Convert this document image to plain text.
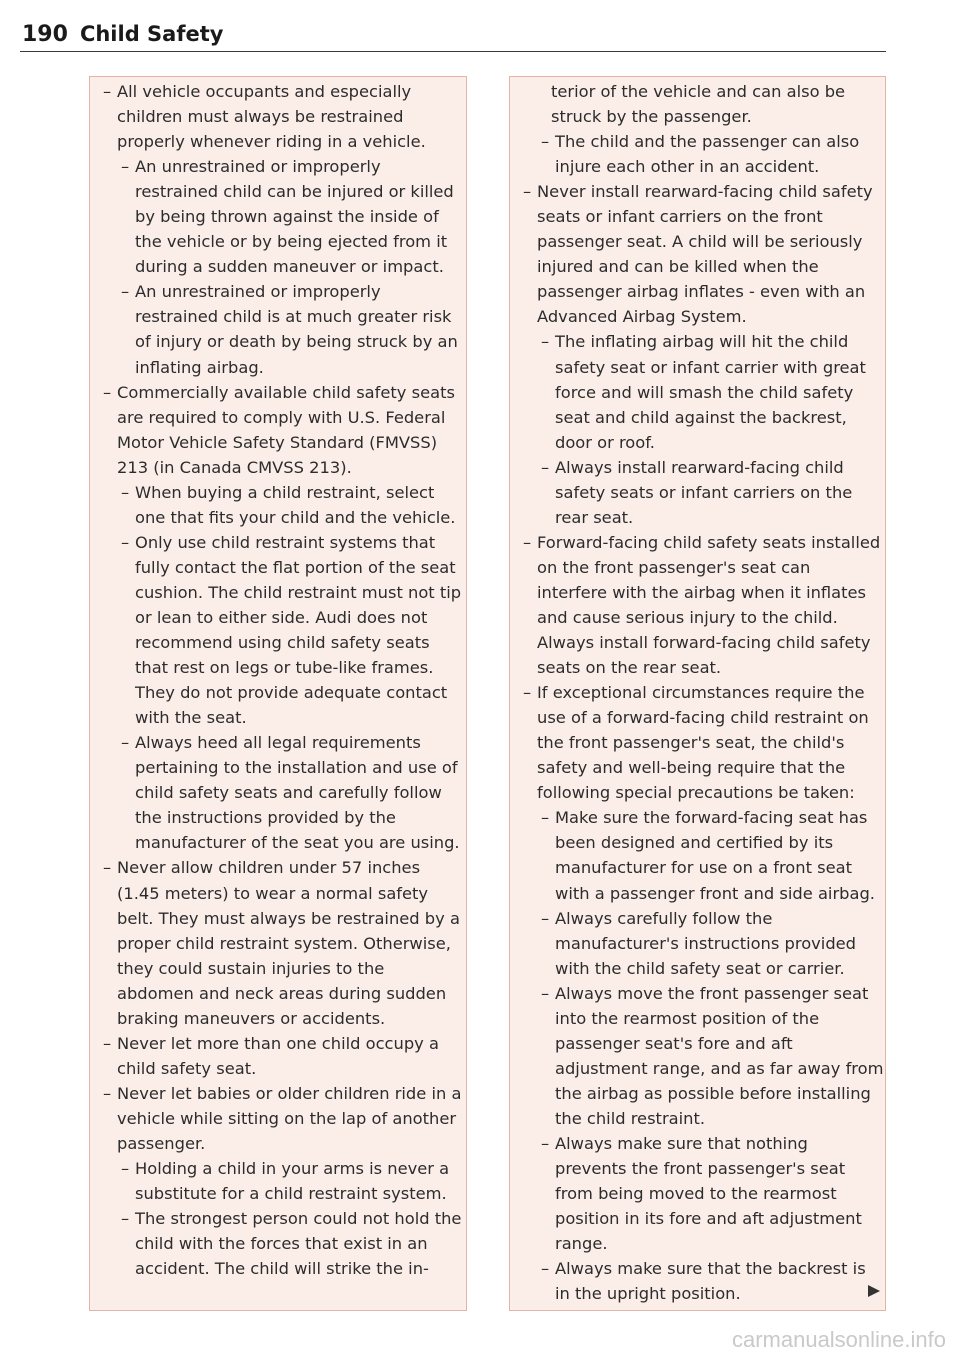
190 Child Safety
– All vehicle occupants and especially children must always be restrained properly whenever riding in a vehicle.
– An unrestrained or improperly restrained child can be injured or killed by being thrown against the inside of the vehicle or by being ejected from it during a sudden maneuver or impact.
– An unrestrained or improperly restrained child is at much greater risk of injury or death by being struck by an inflating airbag.
– Commercially available child safety seats are required to comply with U.S. Federal Motor Vehicle Safety Standard (FMVSS) 213 (in Canada CMVSS 213).
– When buying a child restraint, select one that fits your child and the vehicle.
– Only use child restraint systems that fully contact the flat portion of the seat cushion. The child restraint must not tip or lean to either side. Audi does not recommend using child safety seats that rest on legs or tube-like frames. They do not provide adequate contact with the seat.
– Always heed all legal requirements pertaining to the installation and use of child safety seats and carefully follow the instructions provided by the manufacturer of the seat you are using.
– Never allow children under 57 inches (1.45 meters) to wear a normal safety belt. They must always be restrained by a proper child restraint system. Otherwise, they could sustain injuries to the abdomen and neck areas during sudden braking maneuvers or accidents.
– Never let more than one child occupy a child safety seat.
– Never let babies or older children ride in a vehicle while sitting on the lap of another passenger.
– Holding a child in your arms is never a substitute for a child restraint system.
– The strongest person could not hold the child with the forces that exist in an accident. The child will strike the in-
terior of the vehicle and can also be struck by the passenger.
– The child and the passenger can also injure each other in an accident.
– Never install rearward-facing child safety seats or infant carriers on the front passenger seat. A child will be seriously injured and can be killed when the passenger airbag inflates - even with an Advanced Airbag System.
– The inflating airbag will hit the child safety seat or infant carrier with great force and will smash the child safety seat and child against the backrest, door or roof.
– Always install rearward-facing child safety seats or infant carriers on the rear seat.
– Forward-facing child safety seats installed on the front passenger's seat can interfere with the airbag when it inflates and cause serious injury to the child. Always install forward-facing child safety seats on the rear seat.
– If exceptional circumstances require the use of a forward-facing child restraint on the front passenger's seat, the child's safety and well-being require that the following special precautions be taken:
– Make sure the forward-facing seat has been designed and certified by its manufacturer for use on a front seat with a passenger front and side airbag.
– Always carefully follow the manufacturer's instructions provided with the child safety seat or carrier.
– Always move the front passenger seat into the rearmost position of the passenger seat's fore and aft adjustment range, and as far away from the airbag as possible before installing the child restraint.
– Always make sure that nothing prevents the front passenger's seat from being moved to the rearmost position in its fore and aft adjustment range.
– Always make sure that the backrest is in the upright position.
carmanualsonline.info
